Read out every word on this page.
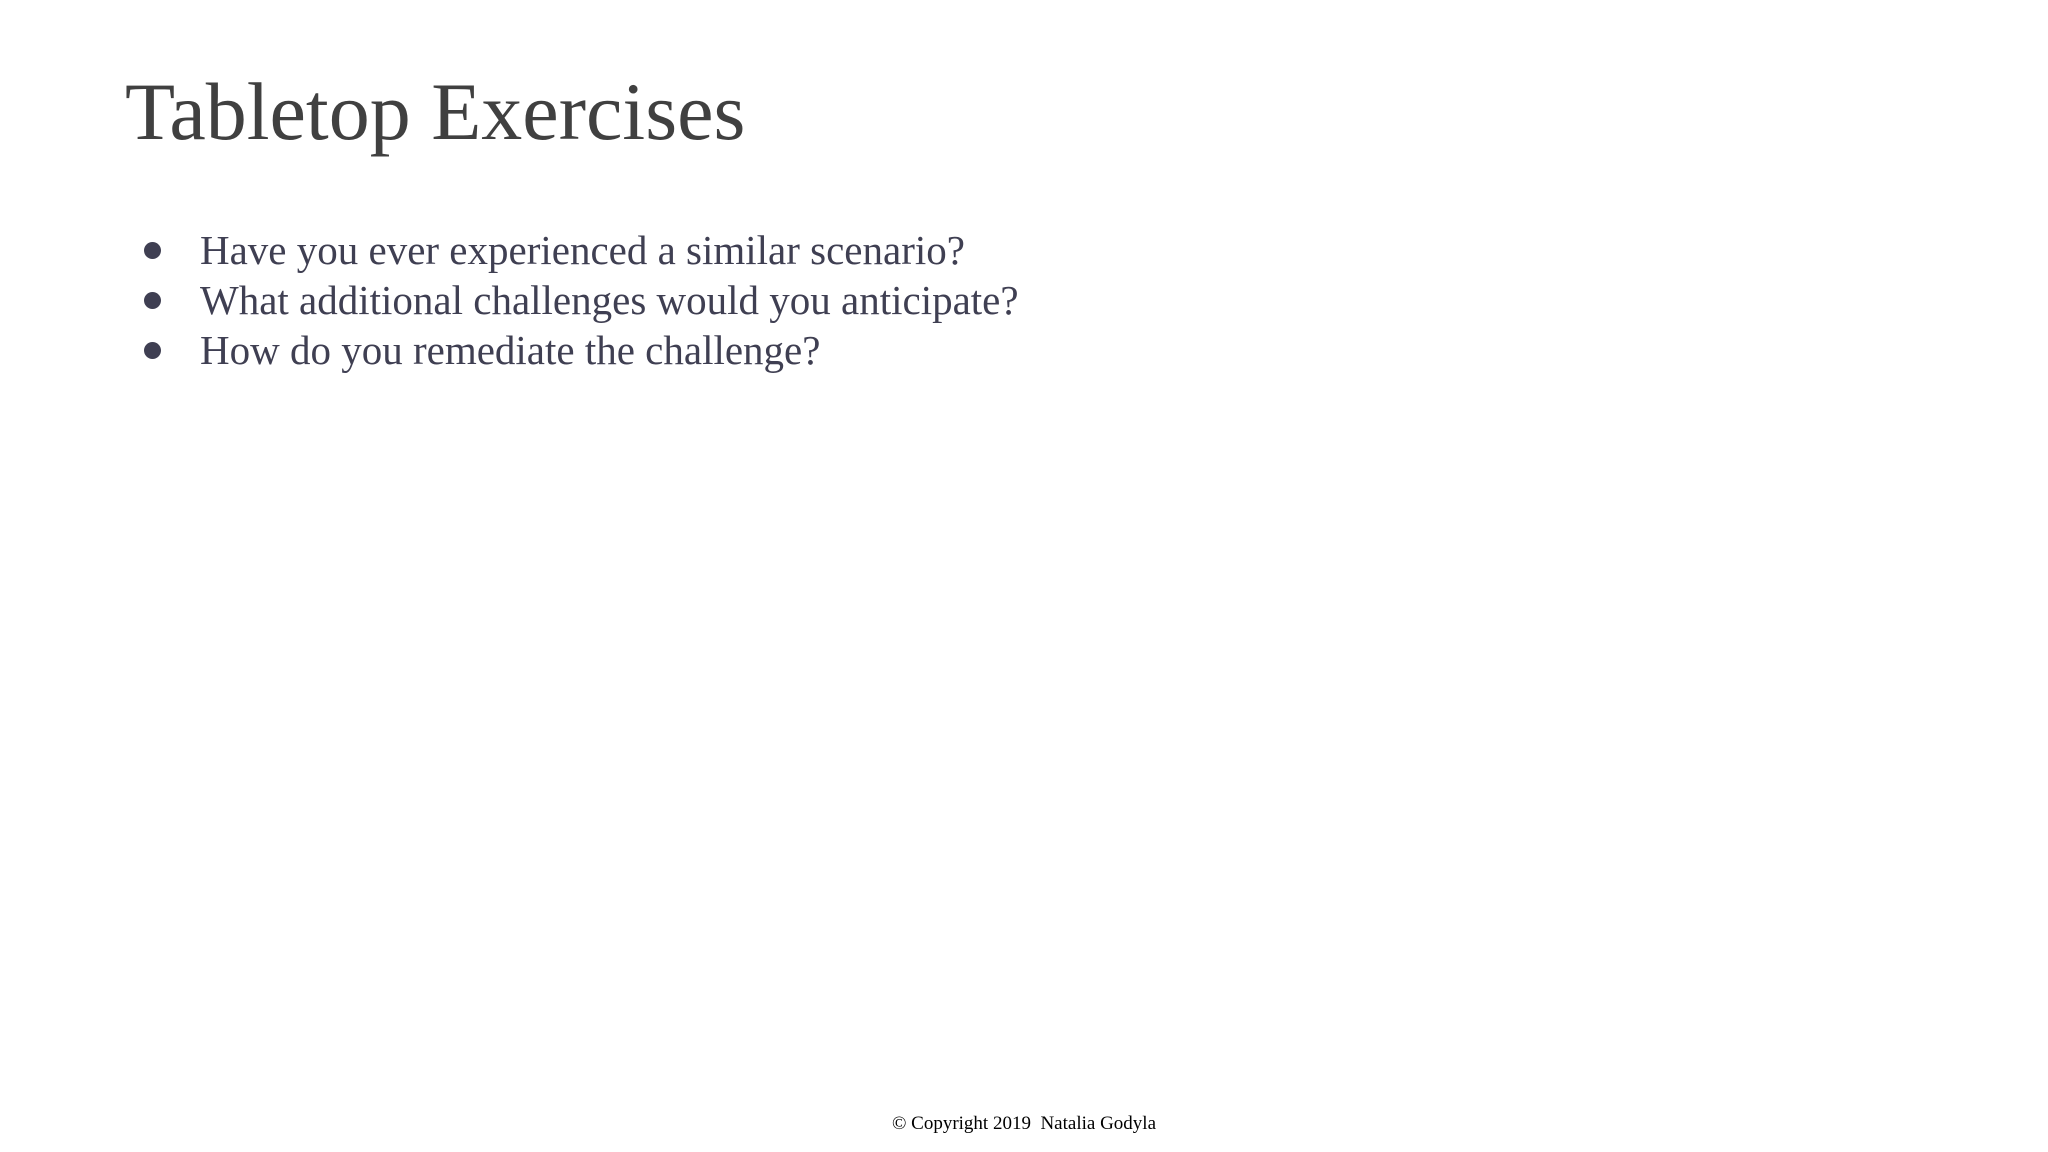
Tabletop Exercises
Have you ever experienced a similar scenario?
What additional challenges would you anticipate?
How do you remediate the challenge?
© Copyright 2019  Natalia Godyla
